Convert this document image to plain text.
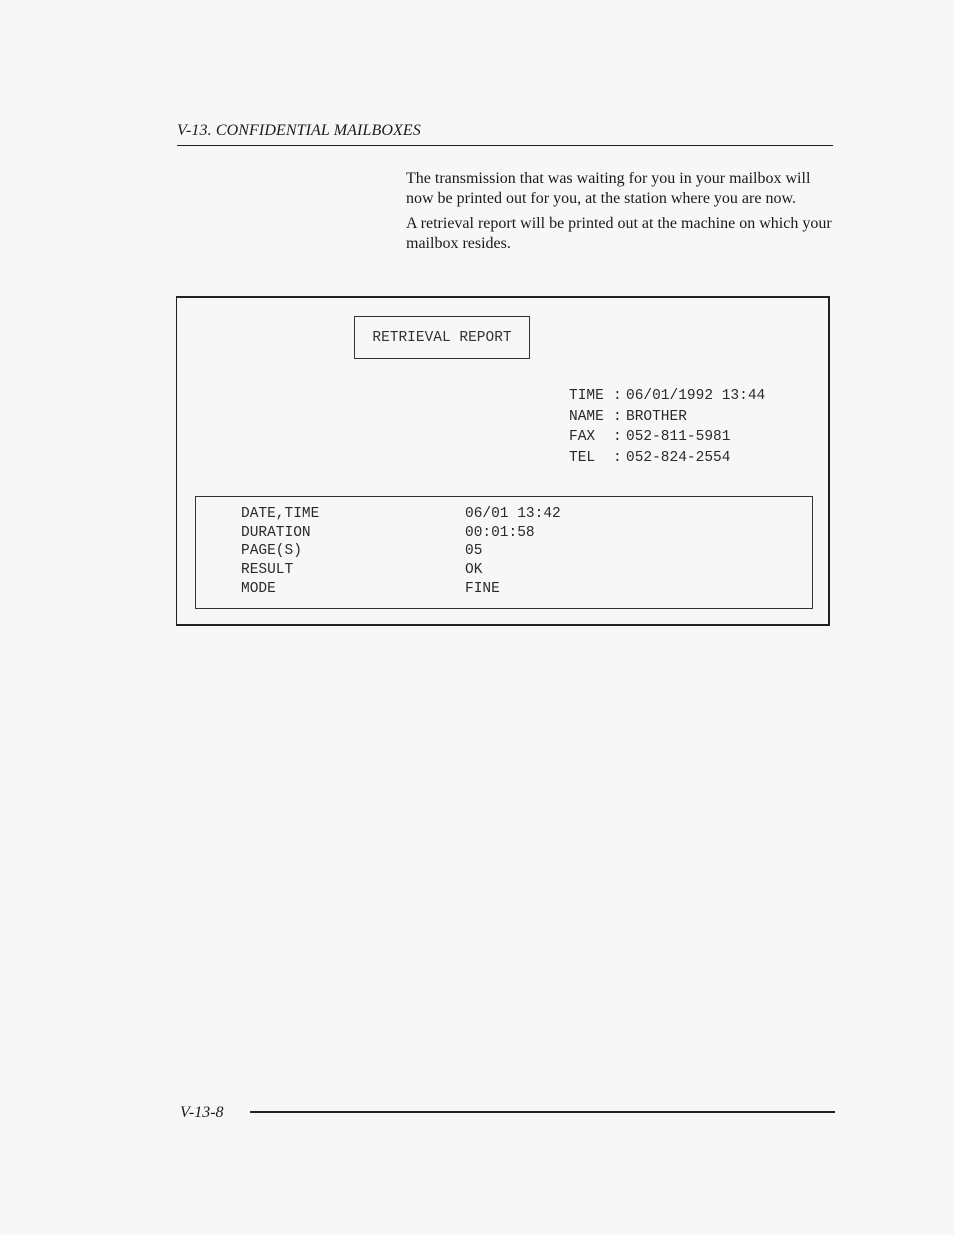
V-13. CONFIDENTIAL MAILBOXES

The transmission that was waiting for you in your mailbox will now be printed out for you, at the station where you are now.

A retrieval report will be printed out at the machine on which your mailbox resides.

RETRIEVAL REPORT
TIME : 06/01/1992 13:44
NAME : BROTHER
FAX : 052-811-5981
TEL : 052-824-2554
DATE,TIME	06/01 13:42
DURATION	00:01:58
PAGE(S)	05
RESULT	OK
MODE	FINE
V-13-8
